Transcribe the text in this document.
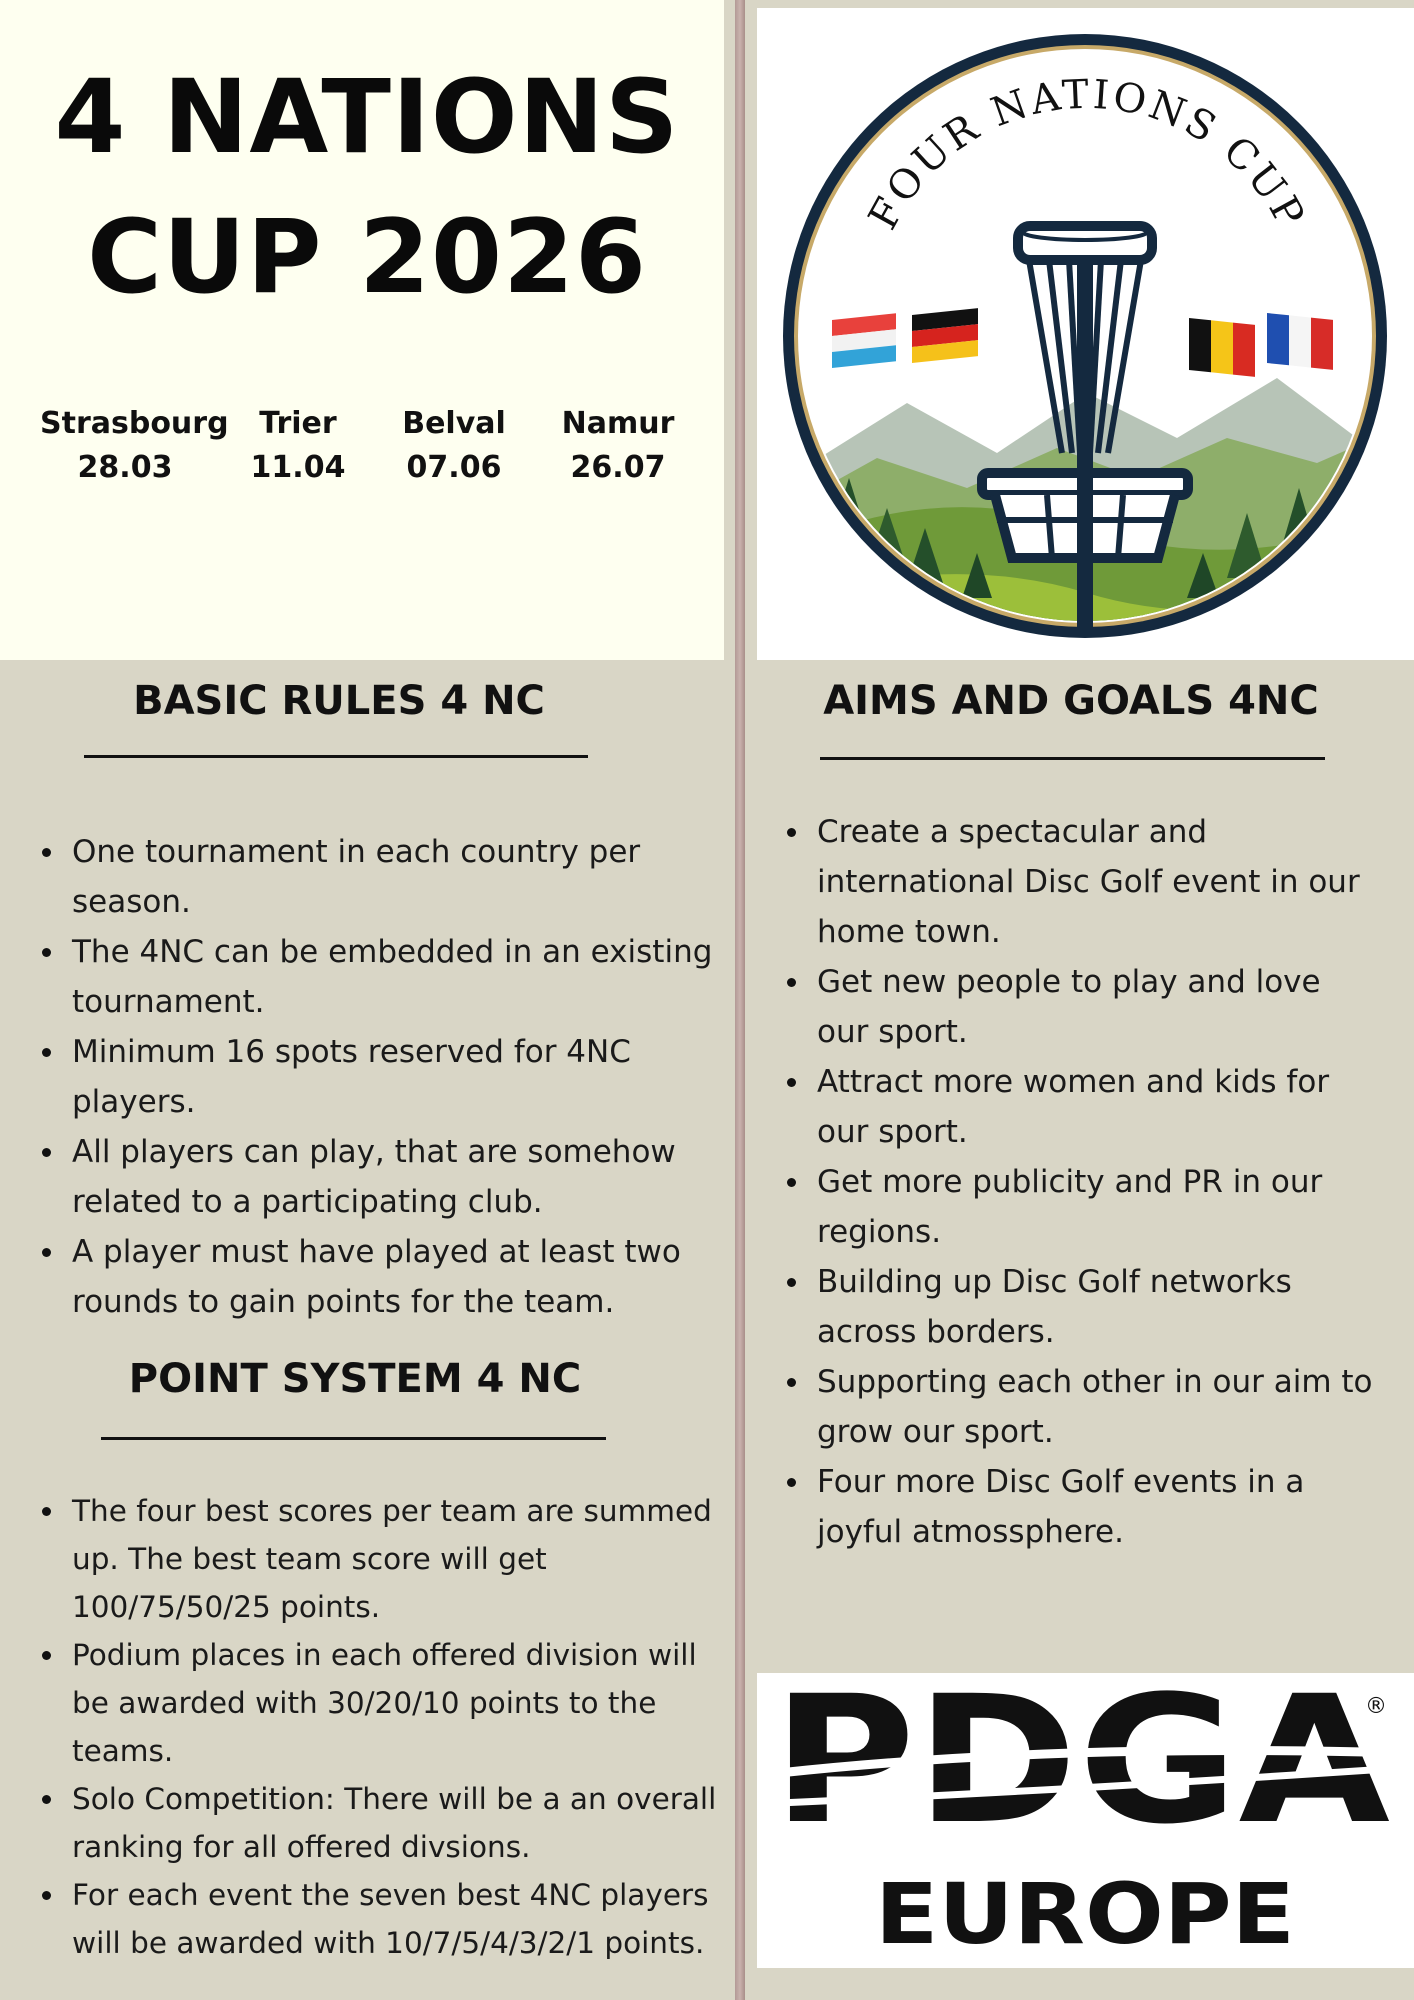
4 NATIONS
CUP 2026
Strasbourg
28.03
Trier
11.04
Belval
07.06
Namur
26.07
FOUR NATIONS CUP
BASIC RULES 4 NC
One tournament in each country per season.
The 4NC can be embedded in an existing tournament.
Minimum 16 spots reserved for 4NC players.
All players can play, that are somehow related to a participating club.
A player must have played at least two rounds to gain points for the team.
POINT SYSTEM 4 NC
The four best scores per team are summed up. The best team score will get 100/75/50/25 points.
Podium places in each offered division will be awarded with 30/20/10 points to the teams.
Solo Competition: There will be a an overall ranking for all offered divsions.
For each event the seven best 4NC players will be awarded with 10/7/5/4/3/2/1 points.
AIMS AND GOALS 4NC
Create a spectacular and international Disc Golf event in our home town.
Get new people to play and love our sport.
Attract more women and kids for our sport.
Get more publicity and PR in our regions.
Building up Disc Golf networks across borders.
Supporting each other in our aim to grow our sport.
Four more Disc Golf events in a joyful atmossphere.
PDGA
®
EUROPE
